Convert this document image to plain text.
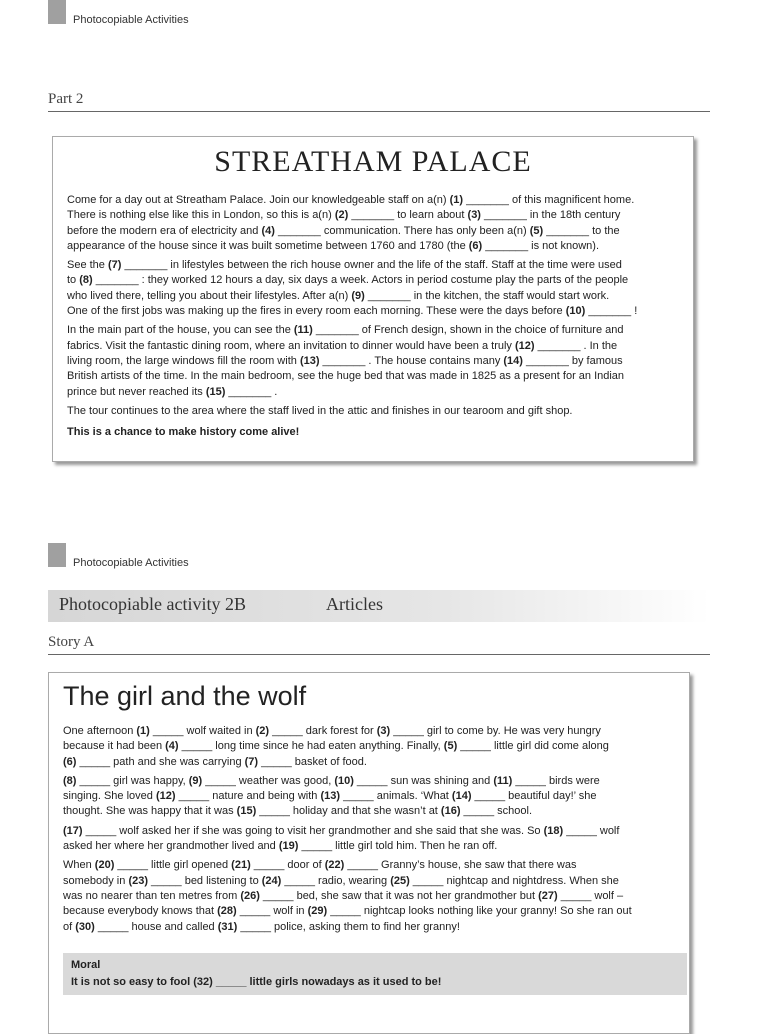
Photocopiable Activities
Part 2
STREATHAM PALACE

Come for a day out at Streatham Palace. Join our knowledgeable staff on a(n) (1) _______ of this magnificent home.
There is nothing else like this in London, so this is a(n) (2) _______ to learn about (3) _______ in the 18th century
before the modern era of electricity and (4) _______ communication. There has only been a(n) (5) _______ to the
appearance of the house since it was built sometime between 1760 and 1780 (the (6) _______ is not known).

See the (7) _______ in lifestyles between the rich house owner and the life of the staff. Staff at the time were used
to (8) _______ : they worked 12 hours a day, six days a week. Actors in period costume play the parts of the people
who lived there, telling you about their lifestyles. After a(n) (9) _______ in the kitchen, the staff would start work.
One of the first jobs was making up the fires in every room each morning. These were the days before (10) _______ !

In the main part of the house, you can see the (11) _______ of French design, shown in the choice of furniture and
fabrics. Visit the fantastic dining room, where an invitation to dinner would have been a truly (12) _______ . In the
living room, the large windows fill the room with (13) _______ . The house contains many (14) _______ by famous
British artists of the time. In the main bedroom, see the huge bed that was made in 1825 as a present for an Indian
prince but never reached its (15) _______ .

The tour continues to the area where the staff lived in the attic and finishes in our tearoom and gift shop.

This is a chance to make history come alive!
Photocopiable Activities
Photocopiable activity 2B	Articles
Story A
The girl and the wolf

One afternoon (1) _____ wolf waited in (2) _____ dark forest for (3) _____ girl to come by. He was very hungry
because it had been (4) _____ long time since he had eaten anything. Finally, (5) _____ little girl did come along
(6) _____ path and she was carrying (7) _____ basket of food.

(8) _____ girl was happy, (9) _____ weather was good, (10) _____ sun was shining and (11) _____ birds were
singing. She loved (12) _____ nature and being with (13) _____ animals. ‘What (14) _____ beautiful day!’ she
thought. She was happy that it was (15) _____ holiday and that she wasn’t at (16) _____ school.

(17) _____ wolf asked her if she was going to visit her grandmother and she said that she was. So (18) _____ wolf
asked her where her grandmother lived and (19) _____ little girl told him. Then he ran off.

When (20) _____ little girl opened (21) _____ door of (22) _____ Granny’s house, she saw that there was
somebody in (23) _____ bed listening to (24) _____ radio, wearing (25) _____ nightcap and nightdress. When she
was no nearer than ten metres from (26) _____ bed, she saw that it was not her grandmother but (27) _____ wolf –
because everybody knows that (28) _____ wolf in (29) _____ nightcap looks nothing like your granny! So she ran out
of (30) _____ house and called (31) _____ police, asking them to find her granny!

Moral
It is not so easy to fool (32) _____ little girls nowadays as it used to be!
